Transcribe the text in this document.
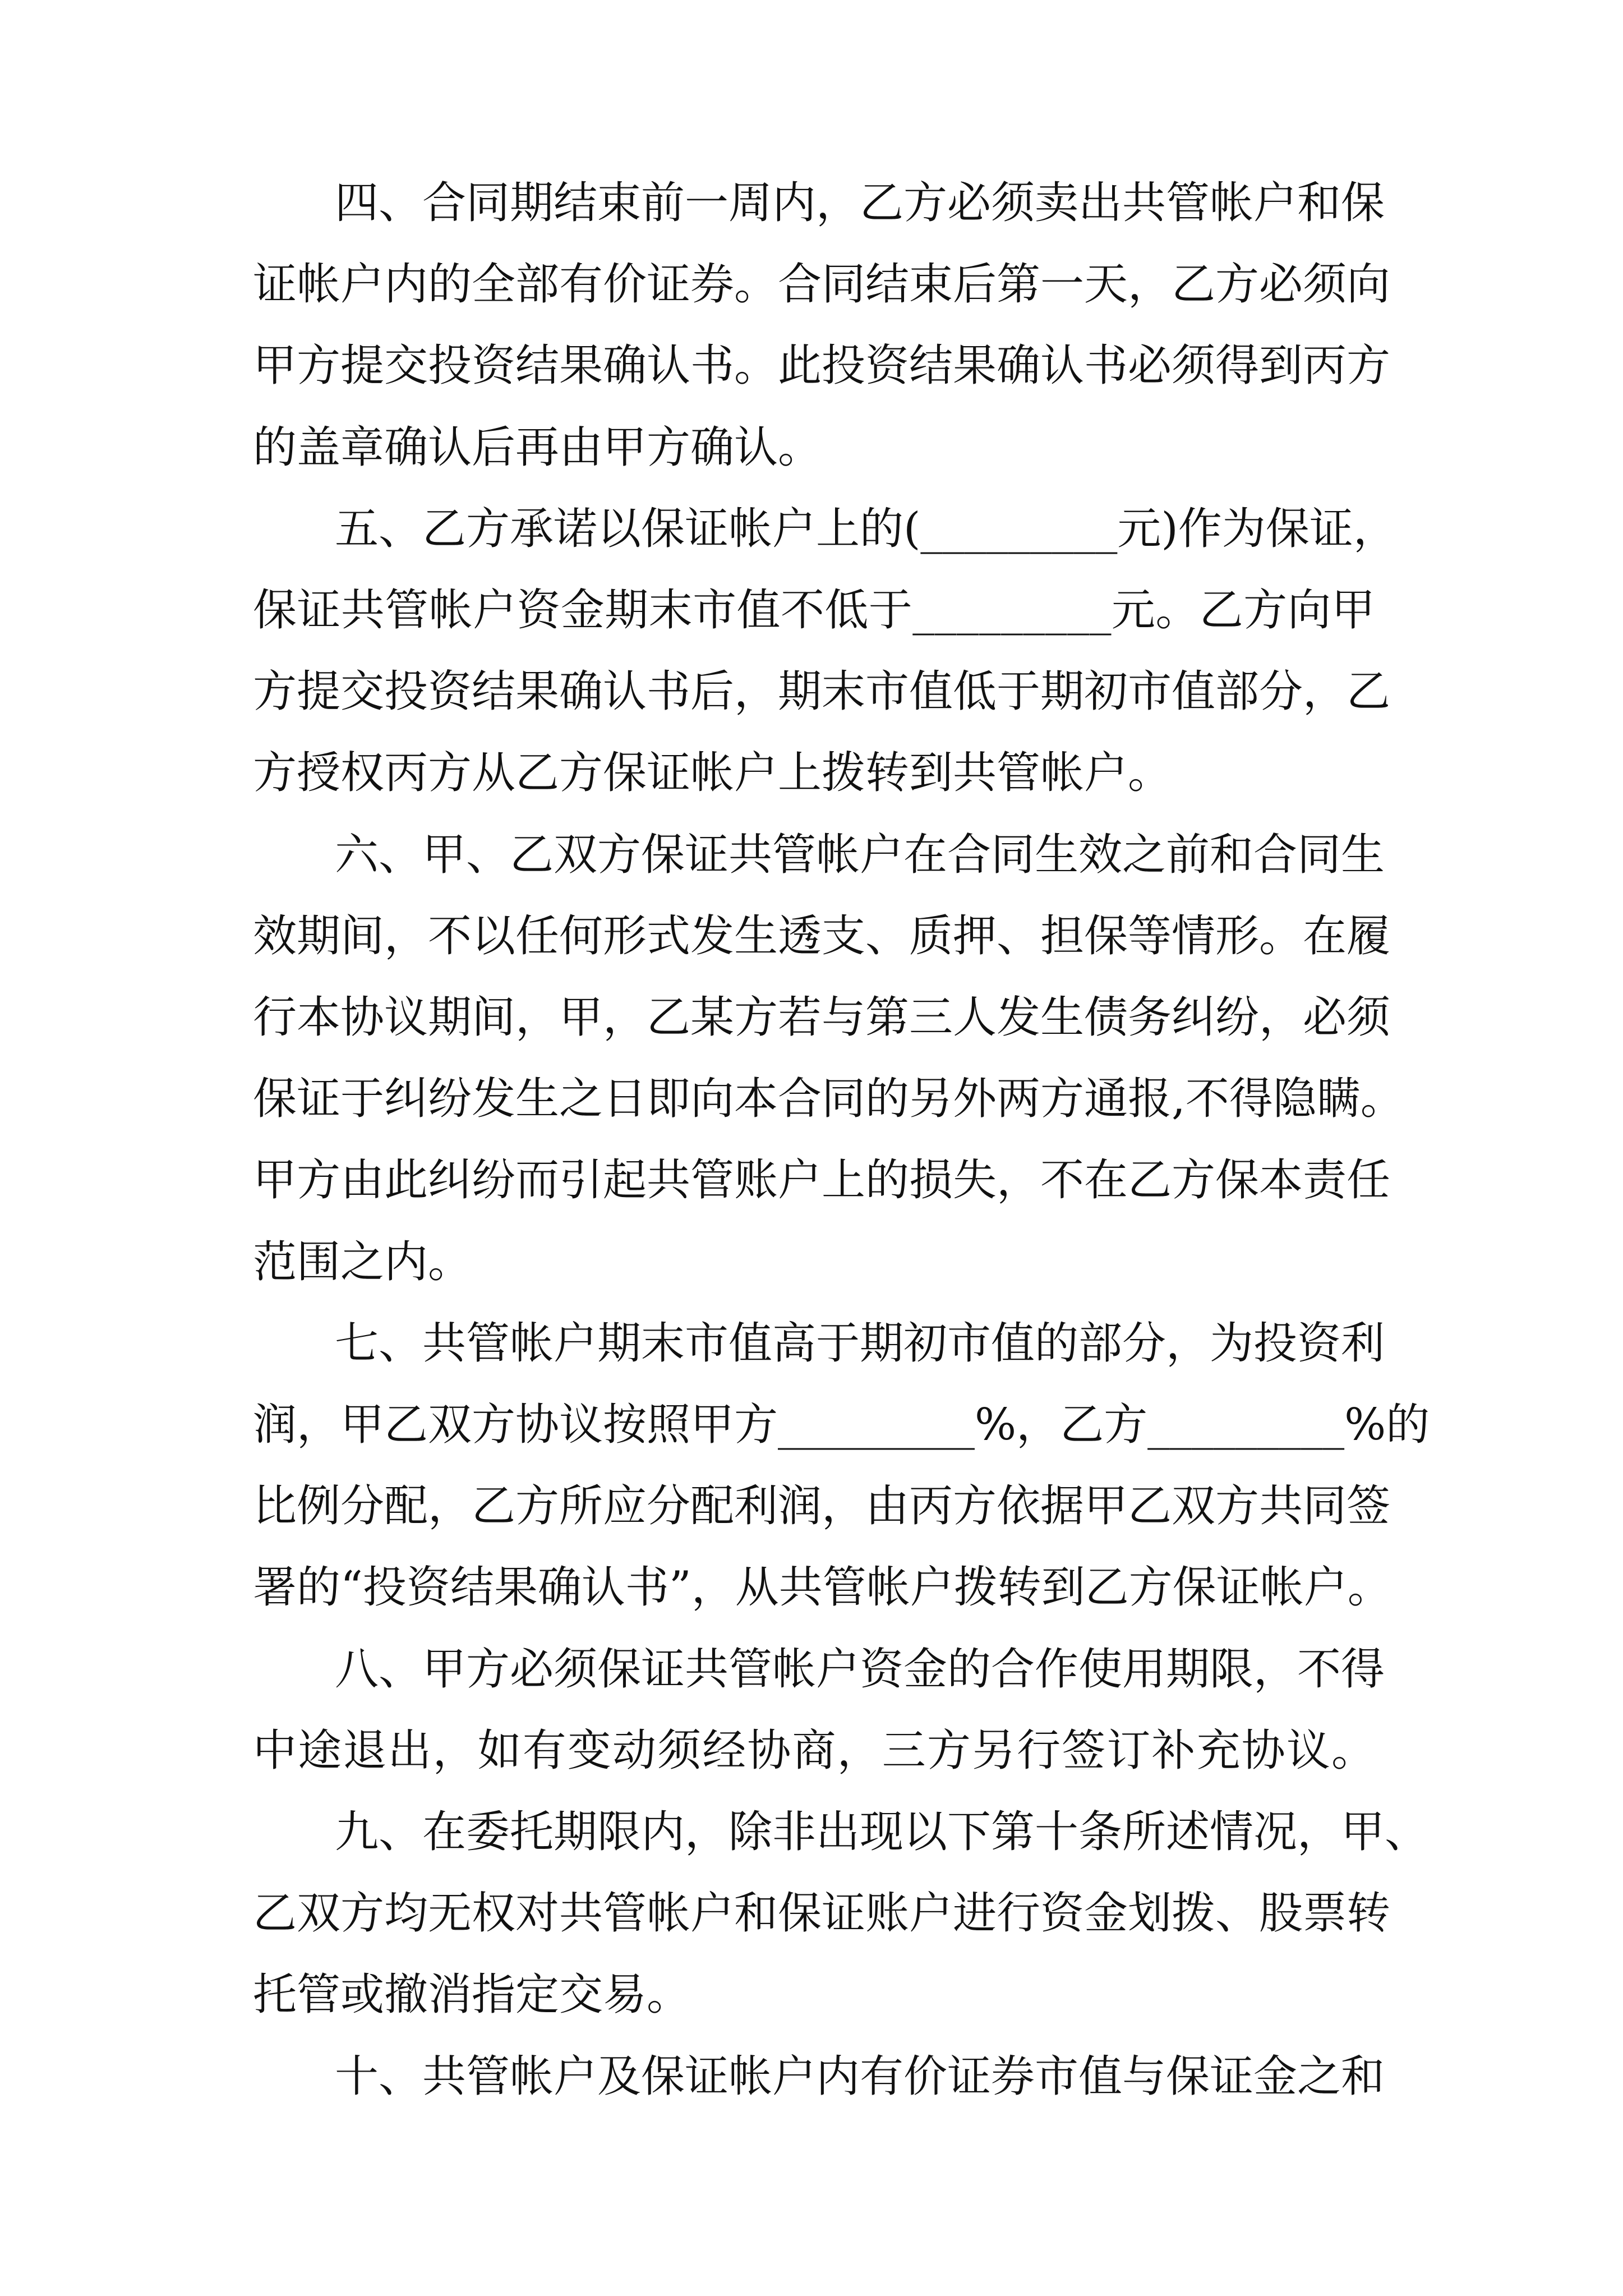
四、合同期结束前一周内，乙方必须卖出共管帐户和保
证帐户内的全部有价证券。合同结束后第一天，乙方必须向
甲方提交投资结果确认书。此投资结果确认书必须得到丙方
的盖章确认后再由甲方确认。
五、乙方承诺以保证帐户上的(_________元)作为保证，
保证共管帐户资金期末市值不低于_________元。乙方向甲
方提交投资结果确认书后，期末市值低于期初市值部分，乙
方授权丙方从乙方保证帐户上拨转到共管帐户。
六、甲、乙双方保证共管帐户在合同生效之前和合同生
效期间，不以任何形式发生透支、质押、担保等情形。在履
行本协议期间，甲，乙某方若与第三人发生债务纠纷，必须
保证于纠纷发生之日即向本合同的另外两方通报,不得隐瞒。
甲方由此纠纷而引起共管账户上的损失，不在乙方保本责任
范围之内。
七、共管帐户期末市值高于期初市值的部分，为投资利
润，甲乙双方协议按照甲方_________%，乙方_________%的
比例分配，乙方所应分配利润，由丙方依据甲乙双方共同签
署的“投资结果确认书”，从共管帐户拨转到乙方保证帐户。
八、甲方必须保证共管帐户资金的合作使用期限，不得
中途退出，如有变动须经协商，三方另行签订补充协议。
九、在委托期限内，除非出现以下第十条所述情况，甲、
乙双方均无权对共管帐户和保证账户进行资金划拨、股票转
托管或撤消指定交易。
十、共管帐户及保证帐户内有价证券市值与保证金之和
